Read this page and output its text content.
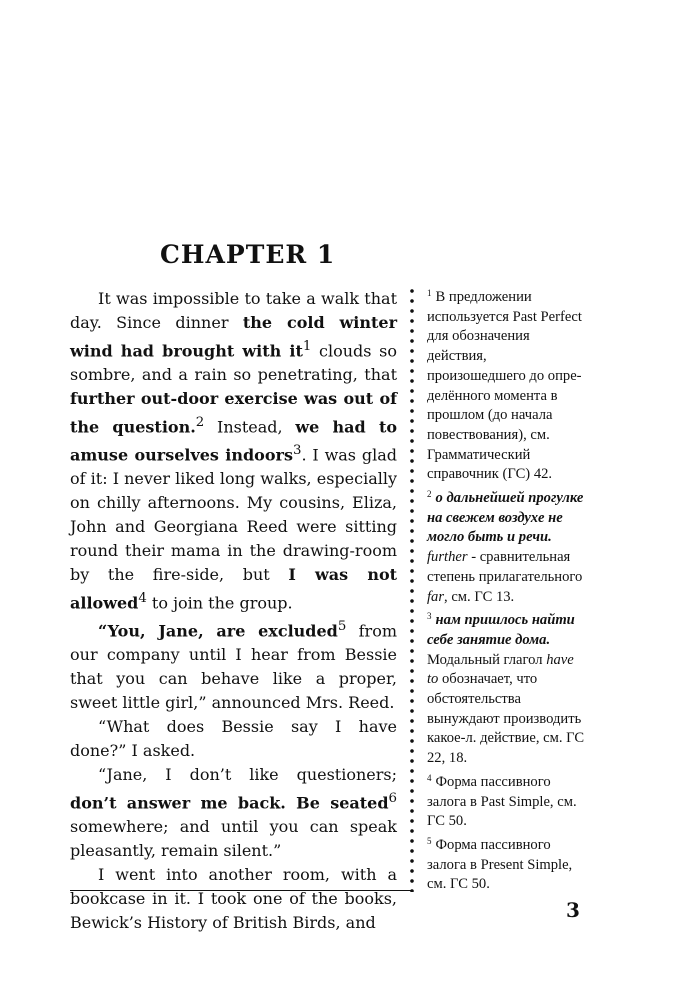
CHAPTER 1

It was impossible to take a walk that day. Since dinner the cold winter wind had brought with $it^1$ clouds so sombre, and a rain so penetrating, that further out-door exercise was out of the question.$^2$ Instead, we had to amuse ourselves indoors$^3$. I was glad of it: I never liked long walks, especially on chilly afternoons. My cousins, Eliza, John and Georgiana Reed were sitting round their mama in the drawing-room by the fire-side, but I was not allowed$^4$ to join the group.

“You, Jane, are excluded$^5$ from our company until I hear from Bessie that you can behave like a proper, sweet little girl,” announced Mrs. Reed.

“What does Bessie say I have done?” I asked.

“Jane, I don’t like questioners; don’t answer me back. Be seated$^6$ somewhere; and until you can speak pleasantly, remain silent.”

I went into another room, with a bookcase in it. I took one of the books, Bewick’s History of British Birds, and

$^1$ В предложении используется Past Perfect для обозначения действия, произошедшего до определённого момента в прошлом (до начала повествования), см. Грамматический справочник (ГС) 42.

$^2$ о дальнейшей прогулке на свежем воздухе не могло быть и речи.

further - сравнительная степень прилагательного far, см. ГС 13.

$^3$ нам пришлось найти себе занятие дома.

Модальный глагол have to обозначает, что обстоятельства вынуждают производить какое-л. действие, см. ГС 22, 18.

$^4$ Форма пассивного залога в Past Simple, см. ГС 50.

$^5$ Форма пассивного залога в Present Simple, см. ГС 50.

3
